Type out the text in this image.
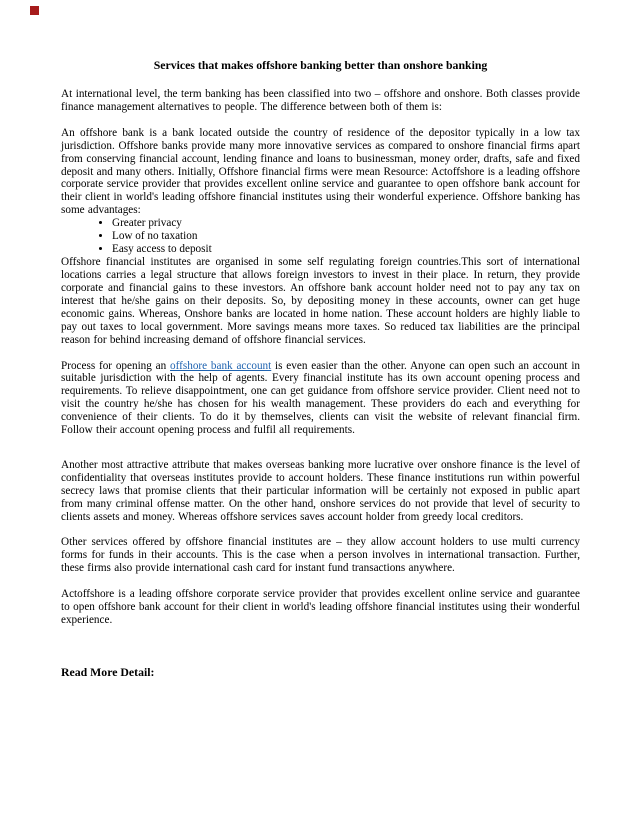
Services that makes offshore banking better than onshore banking

At international level, the term banking has been classified into two – offshore and onshore. Both classes provide finance management alternatives to people. The difference between both of them is:

An offshore bank is a bank located outside the country of residence of the depositor typically in a low tax jurisdiction. Offshore banks provide many more innovative services as compared to onshore financial firms apart from conserving financial account, lending finance and loans to businessman, money order, drafts, safe and fixed deposit and many others. Initially, Offshore financial firms were mean Resource: Actoffshore is a leading offshore corporate service provider that provides excellent online service and guarantee to open offshore bank account for their client in world's leading offshore financial institutes using their wonderful experience. Offshore banking has some advantages:

• Greater privacy
• Low of no taxation
• Easy access to deposit

Offshore financial institutes are organised in some self regulating foreign countries.This sort of international locations carries a legal structure that allows foreign investors to invest in their place. In return, they provide corporate and financial gains to these investors. An offshore bank account holder need not to pay any tax on interest that he/she gains on their deposits. So, by depositing money in these accounts, owner can get huge economic gains. Whereas, Onshore banks are located in home nation. These account holders are highly liable to pay out taxes to local government. More savings means more taxes. So reduced tax liabilities are the principal reason for behind increasing demand of offshore financial services.

Process for opening an offshore bank account is even easier than the other. Anyone can open such an account in suitable jurisdiction with the help of agents. Every financial institute has its own account opening process and requirements. To relieve disappointment, one can get guidance from offshore service provider. Client need not to visit the country he/she has chosen for his wealth management. These providers do each and everything for convenience of their clients. To do it by themselves, clients can visit the website of relevant financial firm. Follow their account opening process and fulfil all requirements.

Another most attractive attribute that makes overseas banking more lucrative over onshore finance is the level of confidentiality that overseas institutes provide to account holders. These finance institutions run within powerful secrecy laws that promise clients that their particular information will be certainly not exposed in public apart from many criminal offense matter. On the other hand, onshore services do not provide that level of security to clients assets and money. Whereas offshore services saves account holder from greedy local creditors.

Other services offered by offshore financial institutes are – they allow account holders to use multi currency forms for funds in their accounts. This is the case when a person involves in international transaction. Further, these firms also provide international cash card for instant fund transactions anywhere.

Actoffshore is a leading offshore corporate service provider that provides excellent online service and guarantee to open offshore bank account for their client in world's leading offshore financial institutes using their wonderful experience.

Read More Detail:
